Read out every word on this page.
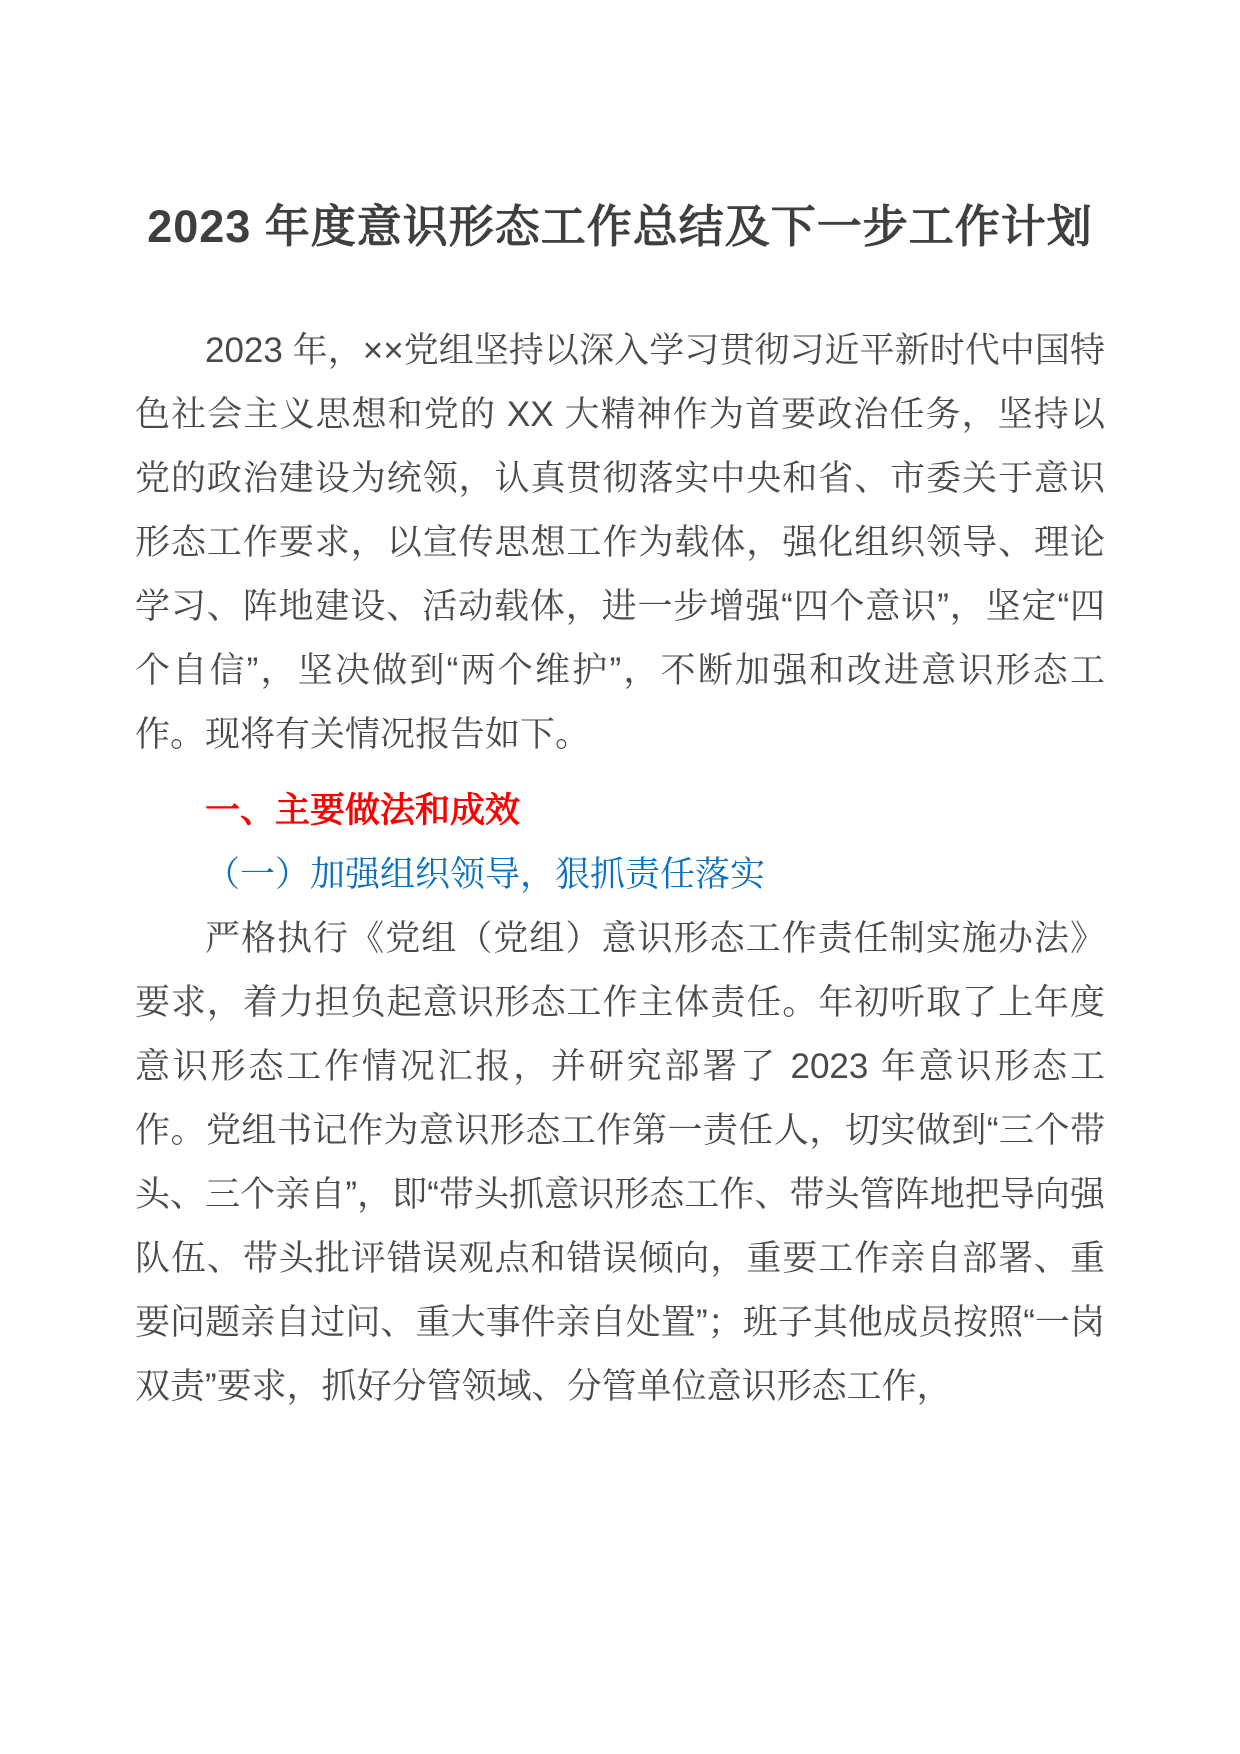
2023 年度意识形态工作总结及下一步工作计划

2023 年，××党组坚持以深入学习贯彻习近平新时代中国特色社会主义思想和党的 XX 大精神作为首要政治任务，坚持以党的政治建设为统领，认真贯彻落实中央和省、市委关于意识形态工作要求，以宣传思想工作为载体，强化组织领导、理论学习、阵地建设、活动载体，进一步增强“四个意识”，坚定“四个自信”，坚决做到“两个维护”，不断加强和改进意识形态工作。现将有关情况报告如下。

一、主要做法和成效
（一）加强组织领导，狠抓责任落实

严格执行《党组（党组）意识形态工作责任制实施办法》要求，着力担负起意识形态工作主体责任。年初听取了上年度意识形态工作情况汇报，并研究部署了 2023 年意识形态工作。党组书记作为意识形态工作第一责任人，切实做到“三个带头、三个亲自”，即“带头抓意识形态工作、带头管阵地把导向强队伍、带头批评错误观点和错误倾向，重要工作亲自部署、重要问题亲自过问、重大事件亲自处置”；班子其他成员按照“一岗双责”要求，抓好分管领域、分管单位意识形态工作，
